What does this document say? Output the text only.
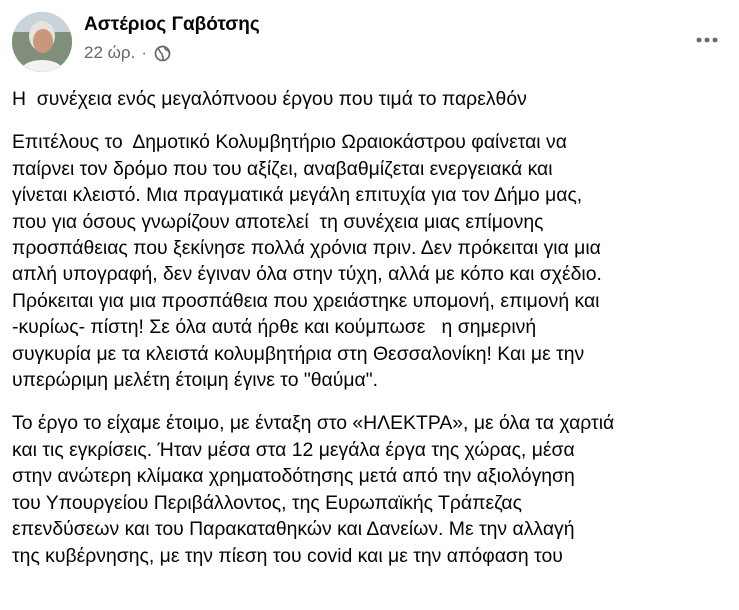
Αστέριος Γαβότσης
22 ώρ. ·

Η  συνέχεια ενός μεγαλόπνοου έργου που τιμά το παρελθόν

Επιτέλους το  Δημοτικό Κολυμβητήριο Ωραιοκάστρου φαίνεται να
παίρνει τον δρόμο που του αξίζει, αναβαθμίζεται ενεργειακά και
γίνεται κλειστό. Μια πραγματικά μεγάλη επιτυχία για τον Δήμο μας,
που για όσους γνωρίζουν αποτελεί  τη συνέχεια μιας επίμονης
προσπάθειας που ξεκίνησε πολλά χρόνια πριν. Δεν πρόκειται για μια
απλή υπογραφή, δεν έγιναν όλα στην τύχη, αλλά με κόπο και σχέδιο.
Πρόκειται για μια προσπάθεια που χρειάστηκε υπομονή, επιμονή και
-κυρίως- πίστη! Σε όλα αυτά ήρθε και κούμπωσε   η σημερινή
συγκυρία με τα κλειστά κολυμβητήρια στη Θεσσαλονίκη! Και με την
υπερώριμη μελέτη έτοιμη έγινε το "θαύμα".

Το έργο το είχαμε έτοιμο, με ένταξη στο «ΗΛΕΚΤΡΑ», με όλα τα χαρτιά
και τις εγκρίσεις. Ήταν μέσα στα 12 μεγάλα έργα της χώρας, μέσα
στην ανώτερη κλίμακα χρηματοδότησης μετά από την αξιολόγηση
του Υπουργείου Περιβάλλοντος, της Ευρωπαϊκής Τράπεζας
επενδύσεων και του Παρακαταθηκών και Δανείων. Με την αλλαγή
της κυβέρνησης, με την πίεση του covid και με την απόφαση του
